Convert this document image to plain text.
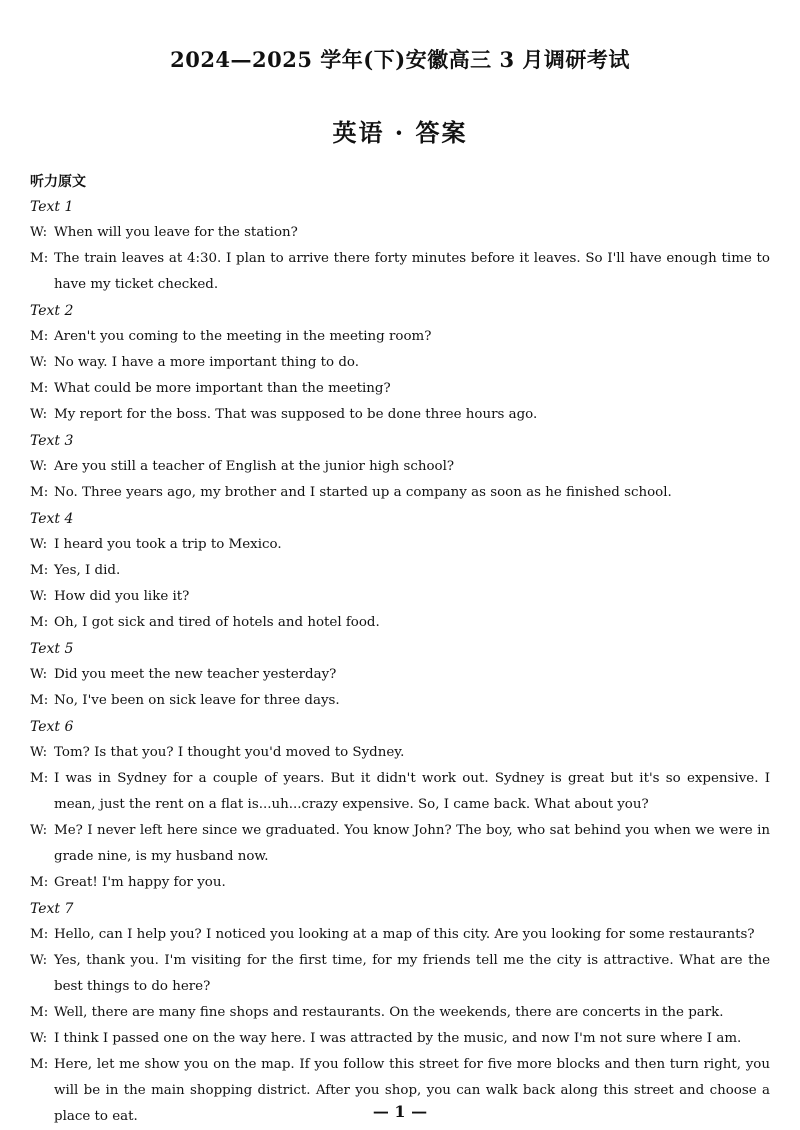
2024—2025 学年(下)安徽高三 3 月调研考试
英语 · 答案
听力原文
Text 1
W: When will you leave for the station?
M: The train leaves at 4:30. I plan to arrive there forty minutes before it leaves. So I'll have enough time to have my ticket checked.
Text 2
M: Aren't you coming to the meeting in the meeting room?
W: No way. I have a more important thing to do.
M: What could be more important than the meeting?
W: My report for the boss. That was supposed to be done three hours ago.
Text 3
W: Are you still a teacher of English at the junior high school?
M: No. Three years ago, my brother and I started up a company as soon as he finished school.
Text 4
W: I heard you took a trip to Mexico.
M: Yes, I did.
W: How did you like it?
M: Oh, I got sick and tired of hotels and hotel food.
Text 5
W: Did you meet the new teacher yesterday?
M: No, I've been on sick leave for three days.
Text 6
W: Tom? Is that you? I thought you'd moved to Sydney.
M: I was in Sydney for a couple of years. But it didn't work out. Sydney is great but it's so expensive. I mean, just the rent on a flat is...uh...crazy expensive. So, I came back. What about you?
W: Me? I never left here since we graduated. You know John? The boy, who sat behind you when we were in grade nine, is my husband now.
M: Great! I'm happy for you.
Text 7
M: Hello, can I help you? I noticed you looking at a map of this city. Are you looking for some restaurants?
W: Yes, thank you. I'm visiting for the first time, for my friends tell me the city is attractive. What are the best things to do here?
M: Well, there are many fine shops and restaurants. On the weekends, there are concerts in the park.
W: I think I passed one on the way here. I was attracted by the music, and now I'm not sure where I am.
M: Here, let me show you on the map. If you follow this street for five more blocks and then turn right, you will be in the main shopping district. After you shop, you can walk back along this street and choose a place to eat.	— 1 —
